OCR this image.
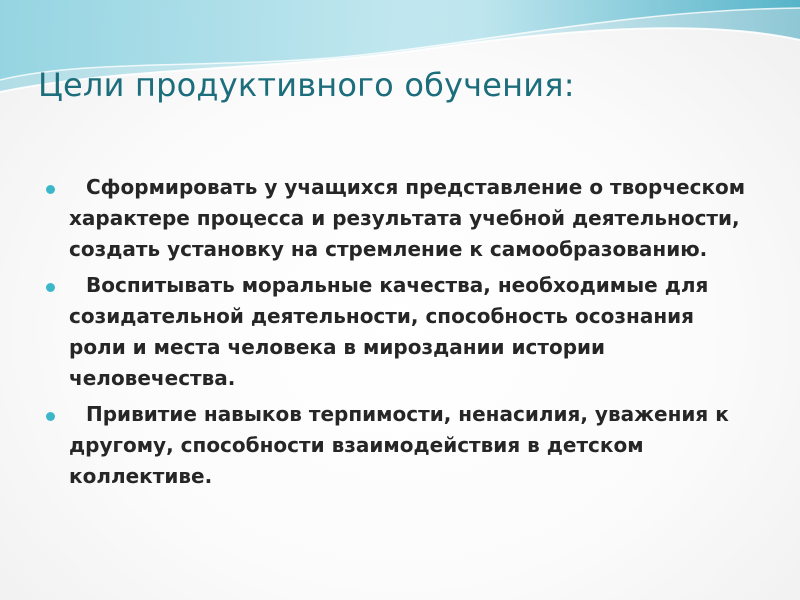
Цели продуктивного обучения:
Сформировать у учащихся представление о творческом характере процесса и результата учебной деятельности, создать установку на стремление к самообразованию.
Воспитывать моральные качества, необходимые для созидательной деятельности, способность осознания роли и места человека в мироздании истории человечества.
Привитие навыков терпимости, ненасилия, уважения к другому, способности взаимодействия в детском коллективе.
